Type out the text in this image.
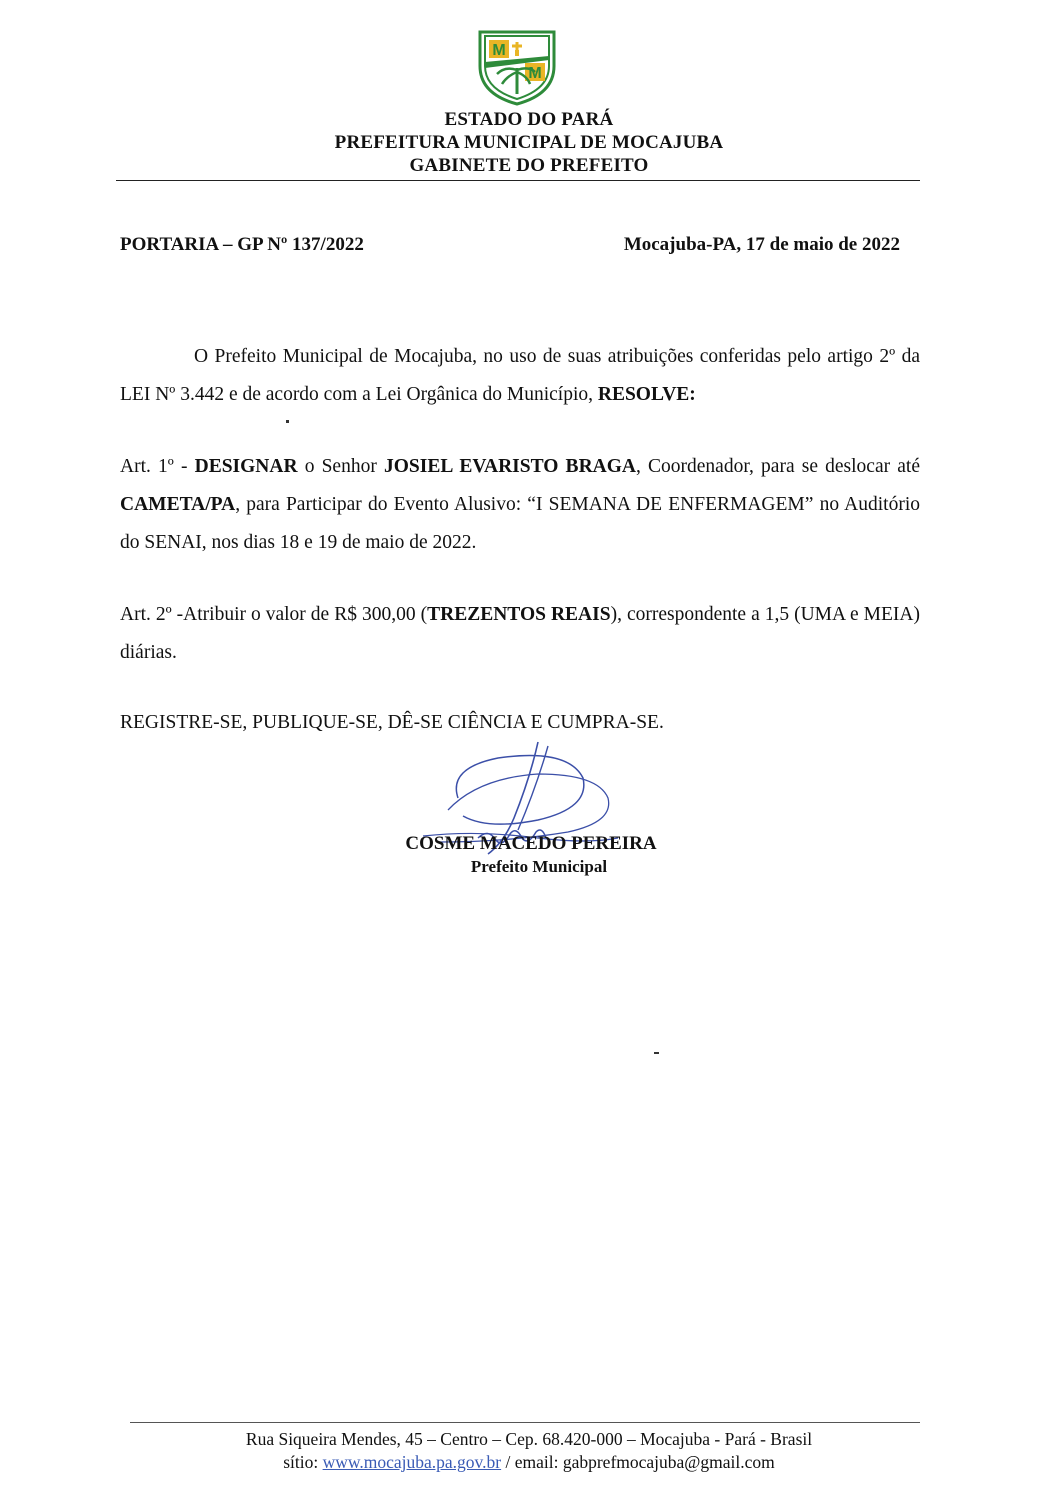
M
M
ESTADO DO PARÁ
PREFEITURA MUNICIPAL DE MOCAJUBA
GABINETE DO PREFEITO
PORTARIA – GP Nº 137/2022	Mocajuba-PA, 17 de maio de 2022
O Prefeito Municipal de Mocajuba, no uso de suas atribuições conferidas pelo artigo 2º da LEI Nº 3.442 e de acordo com a Lei Orgânica do Município, RESOLVE:
Art. 1º - DESIGNAR o Senhor JOSIEL EVARISTO BRAGA, Coordenador, para se deslocar até CAMETA/PA, para Participar do Evento Alusivo: “I SEMANA DE ENFERMAGEM” no Auditório do SENAI, nos dias 18 e 19 de maio de 2022.
Art. 2º -Atribuir o valor de R$ 300,00 (TREZENTOS REAIS), correspondente a 1,5 (UMA e MEIA) diárias.
REGISTRE-SE, PUBLIQUE-SE, DÊ-SE CIÊNCIA E CUMPRA-SE.
COSME MACEDO PEREIRA
Prefeito Municipal
Rua Siqueira Mendes, 45 – Centro – Cep. 68.420-000 – Mocajuba - Pará - Brasil
sítio: www.mocajuba.pa.gov.br / email: gabprefmocajuba@gmail.com
